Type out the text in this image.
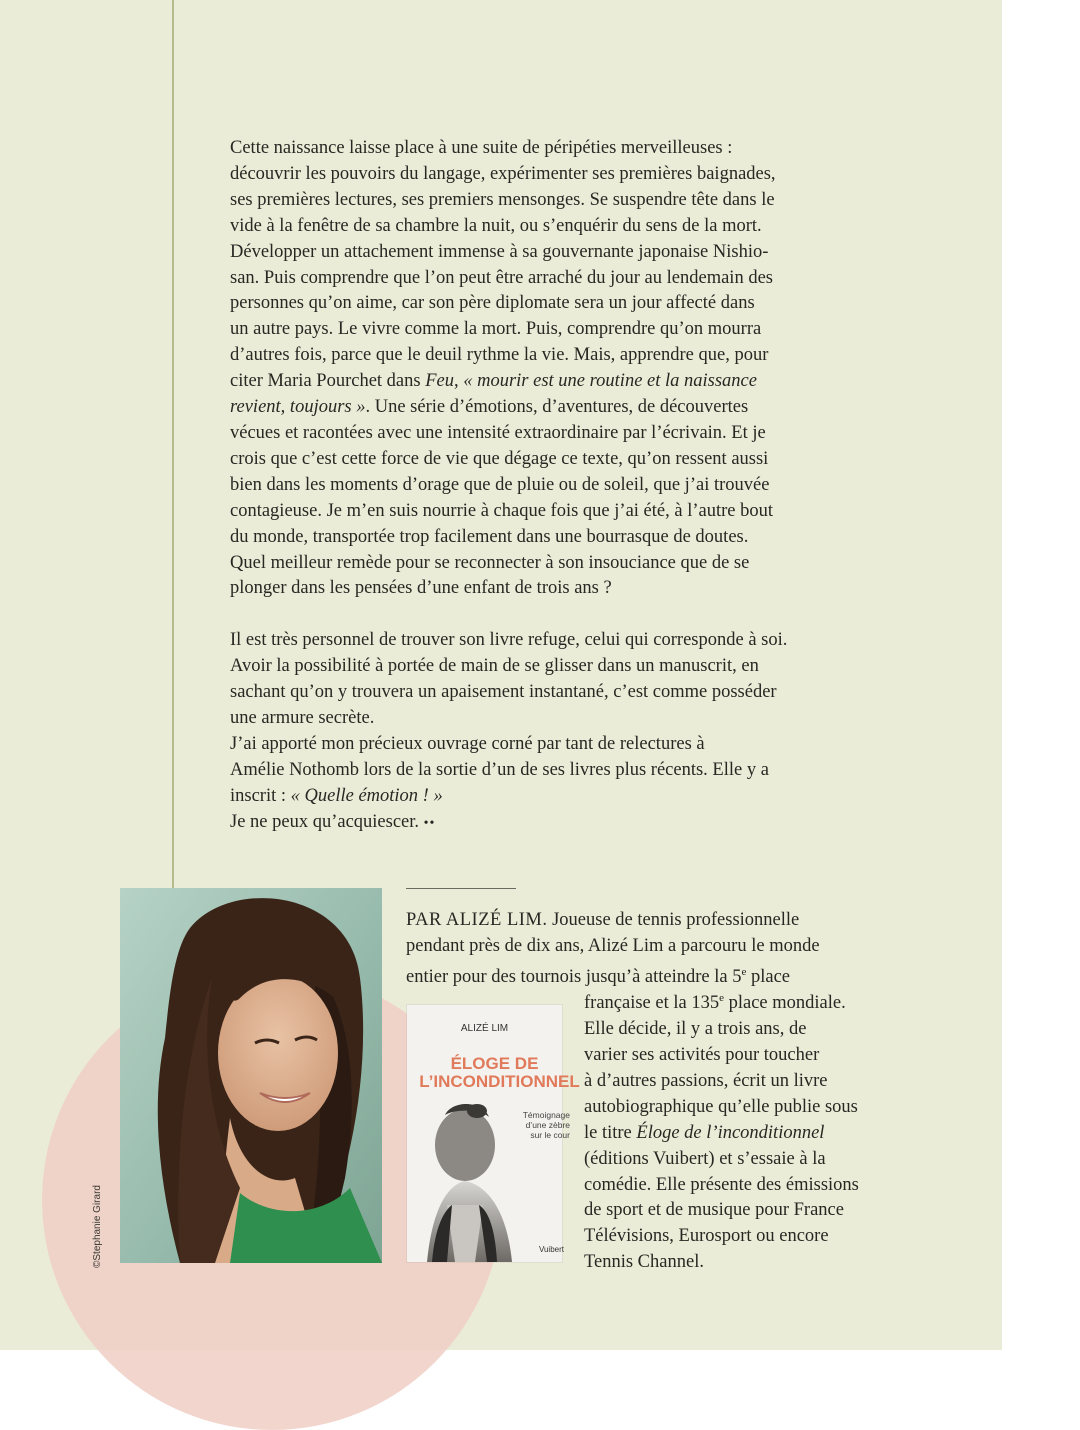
Cette naissance laisse place à une suite de péripéties merveilleuses :

découvrir les pouvoirs du langage, expérimenter ses premières baignades,

ses premières lectures, ses premiers mensonges. Se suspendre tête dans le

vide à la fenêtre de sa chambre la nuit, ou s’enquérir du sens de la mort.

Développer un attachement immense à sa gouvernante japonaise Nishio-

san. Puis comprendre que l’on peut être arraché du jour au lendemain des

personnes qu’on aime, car son père diplomate sera un jour affecté dans

un autre pays. Le vivre comme la mort. Puis, comprendre qu’on mourra

d’autres fois, parce que le deuil rythme la vie. Mais, apprendre que, pour

citer Maria Pourchet dans Feu, « mourir est une routine et la naissance

revient, toujours ». Une série d’émotions, d’aventures, de découvertes

vécues et racontées avec une intensité extraordinaire par l’écrivain. Et je

crois que c’est cette force de vie que dégage ce texte, qu’on ressent aussi

bien dans les moments d’orage que de pluie ou de soleil, que j’ai trouvée

contagieuse. Je m’en suis nourrie à chaque fois que j’ai été, à l’autre bout

du monde, transportée trop facilement dans une bourrasque de doutes.

Quel meilleur remède pour se reconnecter à son insouciance que de se

plonger dans les pensées d’une enfant de trois ans ?

Il est très personnel de trouver son livre refuge, celui qui corresponde à soi.

Avoir la possibilité à portée de main de se glisser dans un manuscrit, en

sachant qu’on y trouvera un apaisement instantané, c’est comme posséder

une armure secrète.

J’ai apporté mon précieux ouvrage corné par tant de relectures à

Amélie Nothomb lors de la sortie d’un de ses livres plus récents. Elle y a

inscrit : « Quelle émotion ! »

Je ne peux qu’acquiescer. ••

©Stephanie Girard
PAR ALIZÉ LIM. Joueuse de tennis professionnelle
pendant près de dix ans, Alizé Lim a parcouru le monde
entier pour des tournois jusqu’à atteindre la 5e place
française et la 135e place mondiale.
Elle décide, il y a trois ans, de
varier ses activités pour toucher
à d’autres passions, écrit un livre
autobiographique qu’elle publie sous
le titre Éloge de l’inconditionnel
(éditions Vuibert) et s’essaie à la
comédie. Elle présente des émissions
de sport et de musique pour France
Télévisions, Eurosport ou encore
Tennis Channel.
ALIZÉ LIM
ÉLOGE DE
L’INCONDITIONNEL
Témoignage
d’une zèbre
sur le cour
Vuibert
